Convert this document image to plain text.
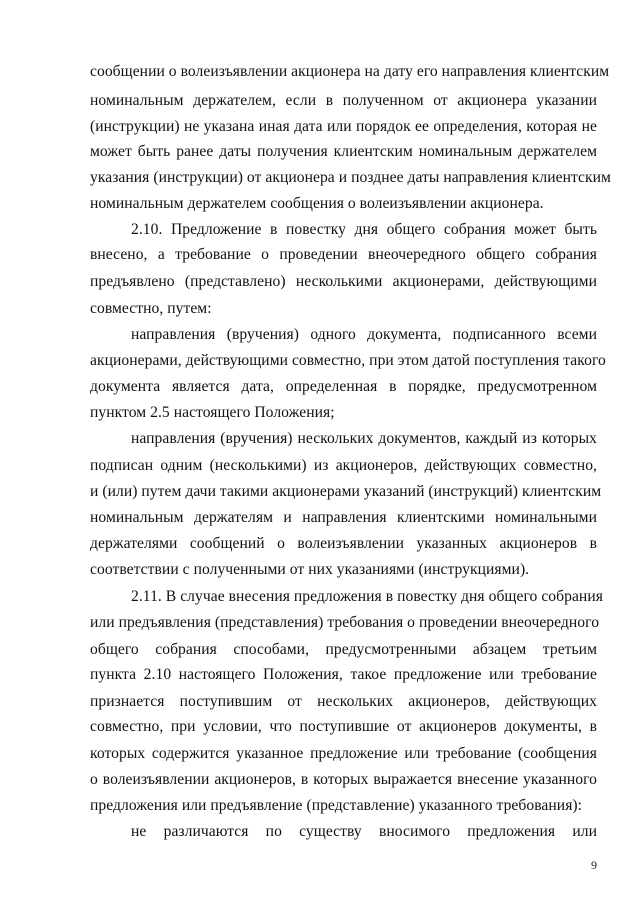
сообщении о волеизъявлении акционера на дату его направления клиентским
номинальным держателем, если в полученном от акционера указании
(инструкции) не указана иная дата или порядок ее определения, которая не
может быть ранее даты получения клиентским номинальным держателем
указания (инструкции) от акционера и позднее даты направления клиентским
номинальным держателем сообщения о волеизъявлении акционера.
2.10. Предложение в повестку дня общего собрания может быть
внесено, а требование о проведении внеочередного общего собрания
предъявлено (представлено) несколькими акционерами, действующими
совместно, путем:
направления (вручения) одного документа, подписанного всеми
акционерами, действующими совместно, при этом датой поступления такого
документа является дата, определенная в порядке, предусмотренном
пунктом 2.5 настоящего Положения;
направления (вручения) нескольких документов, каждый из которых
подписан одним (несколькими) из акционеров, действующих совместно,
и (или) путем дачи такими акционерами указаний (инструкций) клиентским
номинальным держателям и направления клиентскими номинальными
держателями сообщений о волеизъявлении указанных акционеров в
соответствии с полученными от них указаниями (инструкциями).
2.11. В случае внесения предложения в повестку дня общего собрания
или предъявления (представления) требования о проведении внеочередного
общего собрания способами, предусмотренными абзацем третьим
пункта 2.10 настоящего Положения, такое предложение или требование
признается поступившим от нескольких акционеров, действующих
совместно, при условии, что поступившие от акционеров документы, в
которых содержится указанное предложение или требование (сообщения
о волеизъявлении акционеров, в которых выражается внесение указанного
предложения или предъявление (представление) указанного требования):
не различаются по существу вносимого предложения или
9
